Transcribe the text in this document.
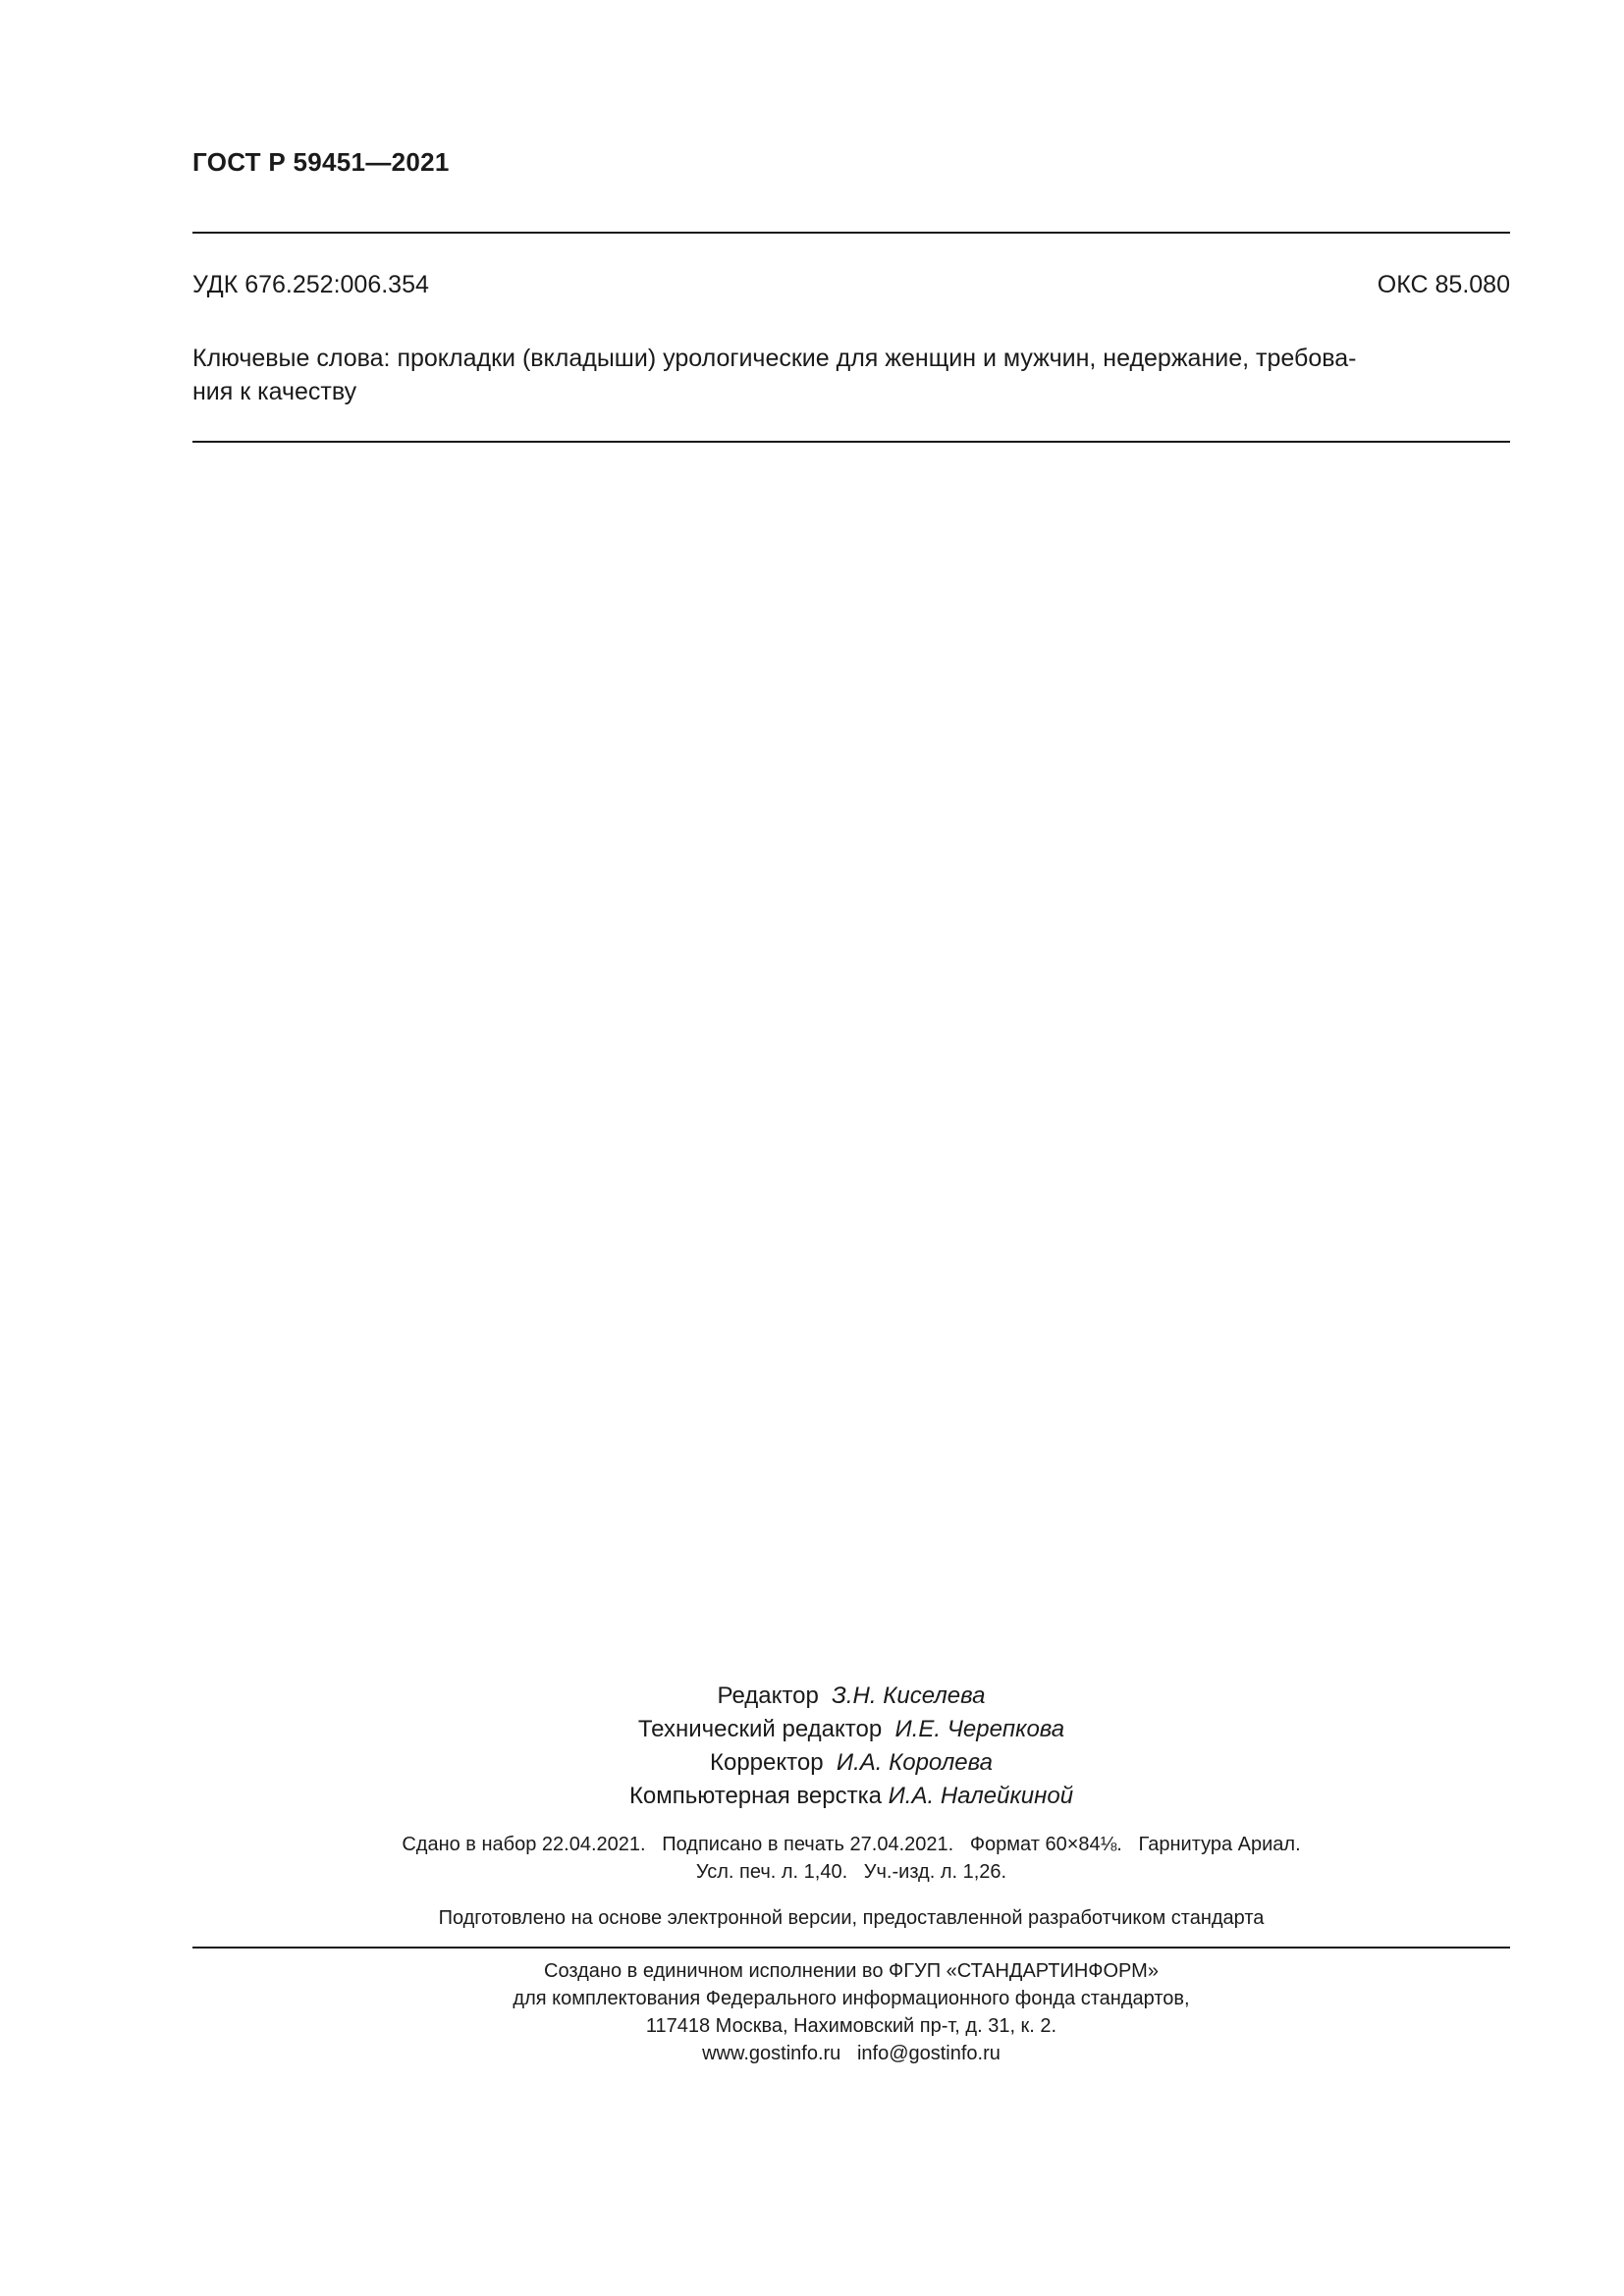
ГОСТ Р 59451—2021
УДК 676.252:006.354	ОКС 85.080
Ключевые слова: прокладки (вкладыши) урологические для женщин и мужчин, недержание, требова-
ния к качеству
Редактор З.Н. Киселева
Технический редактор И.Е. Черепкова
Корректор И.А. Королева
Компьютерная верстка И.А. Налейкиной
Сдано в набор 22.04.2021.   Подписано в печать 27.04.2021.   Формат 60×84⅛.   Гарнитура Ариал.
Усл. печ. л. 1,40.   Уч.-изд. л. 1,26.
Подготовлено на основе электронной версии, предоставленной разработчиком стандарта
Создано в единичном исполнении во ФГУП «СТАНДАРТИНФОРМ»
для комплектования Федерального информационного фонда стандартов,
117418 Москва, Нахимовский пр-т, д. 31, к. 2.
www.gostinfo.ru   info@gostinfo.ru
